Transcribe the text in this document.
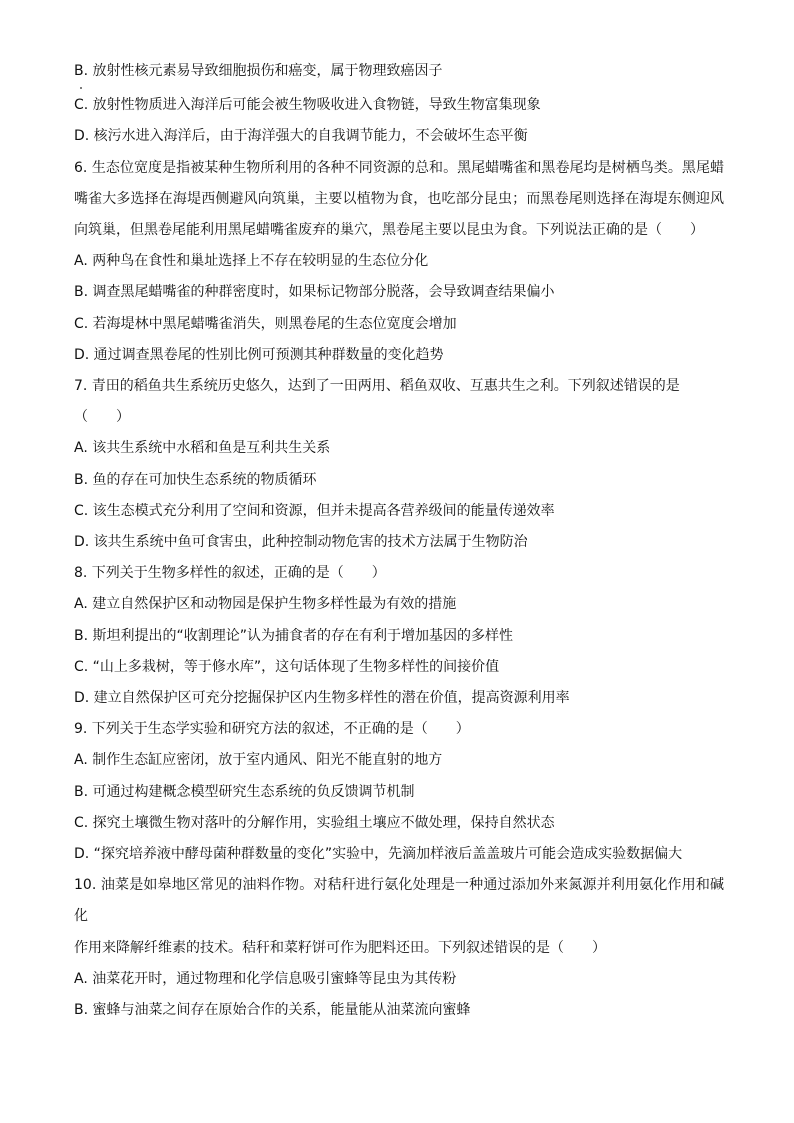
B. 放射性核元素易导致细胞损伤和癌变，属于物理致癌因子
C. 放射性物质进入海洋后可能会被生物吸收进入食物链，导致生物富集现象
D. 核污水进入海洋后，由于海洋强大的自我调节能力，不会破坏生态平衡
6. 生态位宽度是指被某种生物所利用的各种不同资源的总和。黑尾蜡嘴雀和黑卷尾均是树栖鸟类。黑尾蜡
嘴雀大多选择在海堤西侧避风向筑巢，主要以植物为食，也吃部分昆虫；而黑卷尾则选择在海堤东侧迎风
向筑巢，但黑卷尾能利用黑尾蜡嘴雀废弃的巢穴，黑卷尾主要以昆虫为食。下列说法正确的是（　　）
A. 两种鸟在食性和巢址选择上不存在较明显的生态位分化
B. 调查黑尾蜡嘴雀的种群密度时，如果标记物部分脱落，会导致调查结果偏小
C. 若海堤林中黑尾蜡嘴雀消失，则黑卷尾的生态位宽度会增加
D. 通过调查黑卷尾的性别比例可预测其种群数量的变化趋势
7. 青田的稻鱼共生系统历史悠久，达到了一田两用、稻鱼双收、互惠共生之利。下列叙述错误的是
（　　）
A. 该共生系统中水稻和鱼是互利共生关系
B. 鱼的存在可加快生态系统的物质循环
C. 该生态模式充分利用了空间和资源，但并未提高各营养级间的能量传递效率
D. 该共生系统中鱼可食害虫，此种控制动物危害的技术方法属于生物防治
8. 下列关于生物多样性的叙述，正确的是（　　）
A. 建立自然保护区和动物园是保护生物多样性最为有效的措施
B. 斯坦利提出的“收割理论”认为捕食者的存在有利于增加基因的多样性
C. “山上多栽树，等于修水库”，这句话体现了生物多样性的间接价值
D. 建立自然保护区可充分挖掘保护区内生物多样性的潜在价值，提高资源利用率
9. 下列关于生态学实验和研究方法的叙述，不正确的是（　　）
A. 制作生态缸应密闭，放于室内通风、阳光不能直射的地方
B. 可通过构建概念模型研究生态系统的负反馈调节机制
C. 探究土壤微生物对落叶的分解作用，实验组土壤应不做处理，保持自然状态
D. “探究培养液中酵母菌种群数量的变化”实验中，先滴加样液后盖盖玻片可能会造成实验数据偏大
10. 油菜是如皋地区常见的油料作物。对秸秆进行氨化处理是一种通过添加外来氮源并利用氨化作用和碱化
作用来降解纤维素的技术。秸秆和菜籽饼可作为肥料还田。下列叙述错误的是（　　）
A. 油菜花开时，通过物理和化学信息吸引蜜蜂等昆虫为其传粉
B. 蜜蜂与油菜之间存在原始合作的关系，能量能从油菜流向蜜蜂
